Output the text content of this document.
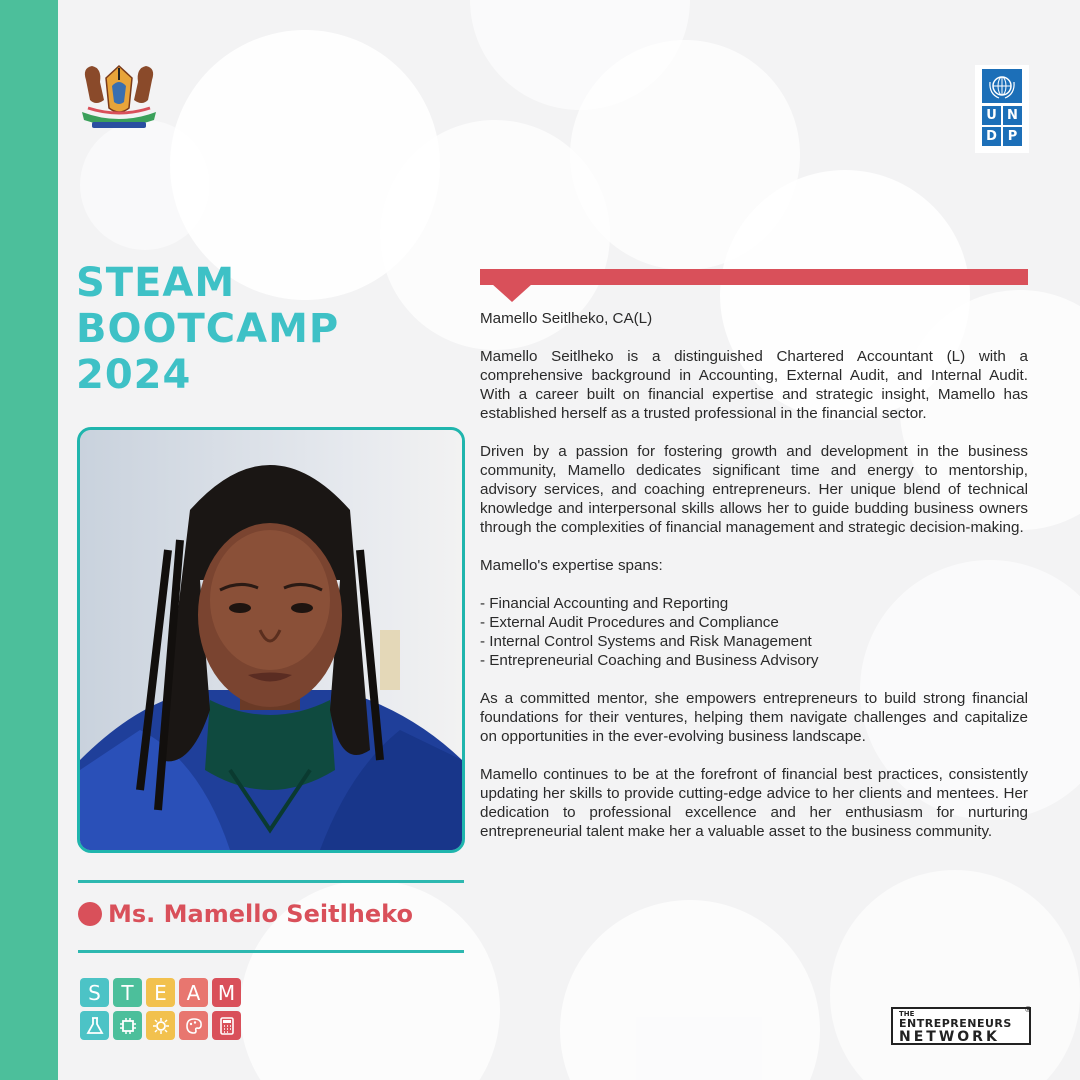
U N
D P
STEAM
BOOTCAMP
2024
Ms. Mamello Seitlheko
S	T	E A M
Mamello Seitlheko, CA(L)

Mamello Seitlheko is a distinguished Chartered Accountant (L) with a comprehensive background in Accounting, External Audit, and Internal Audit. With a career built on financial expertise and strategic insight, Mamello has established herself as a trusted professional in the financial sector.

Driven by a passion for fostering growth and development in the business community, Mamello dedicates significant time and energy to mentorship, advisory services, and coaching entrepreneurs. Her unique blend of technical knowledge and interpersonal skills allows her to guide budding business owners through the complexities of financial management and strategic decision-making.

Mamello's expertise spans:
- Financial Accounting and Reporting
- External Audit Procedures and Compliance
- Internal Control Systems and Risk Management
- Entrepreneurial Coaching and Business Advisory

As a committed mentor, she empowers entrepreneurs to build strong financial foundations for their ventures, helping them navigate challenges and capitalize on opportunities in the ever-evolving business landscape.

Mamello continues to be at the forefront of financial best practices, consistently updating her skills to provide cutting-edge advice to her clients and mentees. Her dedication to professional excellence and her enthusiasm for nurturing entrepreneurial talent make her a valuable asset to the business community.

THE
ENTREPRENEURS
NETWORK
®
